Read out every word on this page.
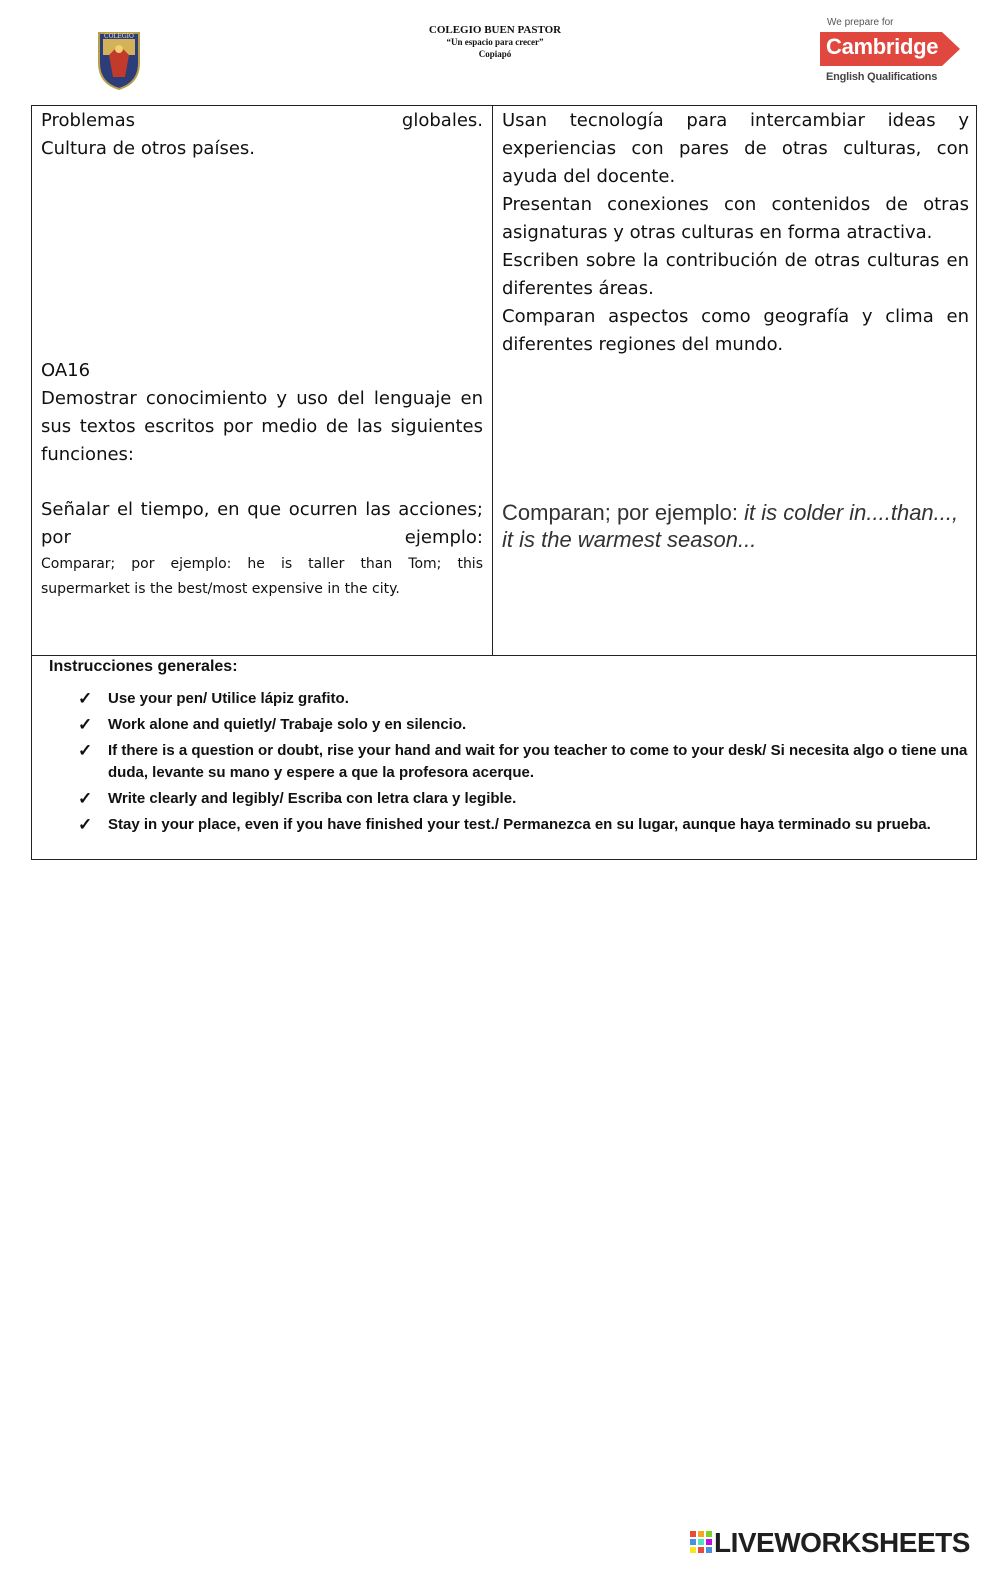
COLEGIO
COLEGIO BUEN PASTOR
“Un espacio para crecer”
Copiapó
We prepare for
Cambridge
English Qualifications

Problemas	globales.

Cultura de otros países.

OA16

Demostrar conocimiento y uso del lenguaje en sus textos escritos por medio de las siguientes funciones:

Señalar el tiempo, en que ocurren las acciones; por ejemplo:

Comparar; por ejemplo: he is taller than Tom; this supermarket is the best/most expensive in the city.

Usan tecnología para intercambiar ideas y experiencias con pares de otras culturas, con ayuda del docente.

Presentan conexiones con contenidos de otras asignaturas y otras culturas en forma atractiva.

Escriben sobre la contribución de otras culturas en diferentes áreas.

Comparan aspectos como geografía y clima en diferentes regiones del mundo.

Comparan; por ejemplo: it is colder in....than..., it is the warmest season...
Instrucciones generales:
✓ Use your pen/ Utilice lápiz grafito.
✓ Work alone and quietly/ Trabaje solo y en silencio.
✓ If there is a question or doubt, rise your hand and wait for you teacher to come to your desk/ Si necesita algo o tiene una duda, levante su mano y espere a que la profesora acerque.
✓ Write clearly and legibly/ Escriba con letra clara y legible.
✓ Stay in your place, even if you have finished your test./ Permanezca en su lugar, aunque haya terminado su prueba.
LIVEWORKSHEETS
